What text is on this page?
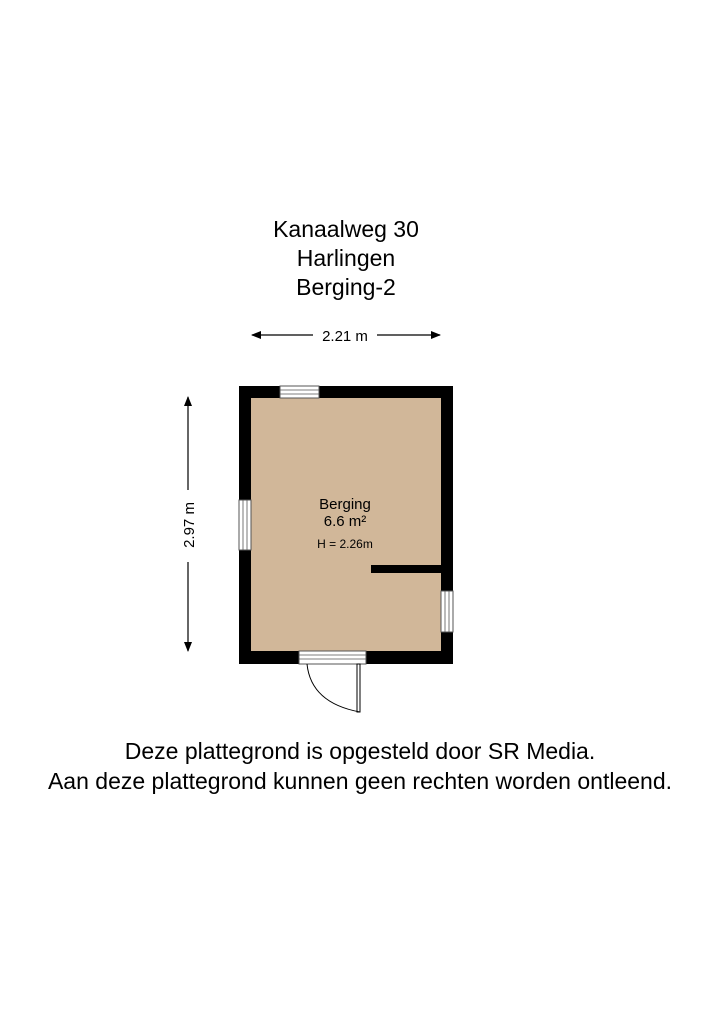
Kanaalweg 30
Harlingen
Berging-2
2.21 m
2.97 m	Berging
6.6 m²
H = 2.26m
Deze plattegrond is opgesteld door SR Media.
Aan deze plattegrond kunnen geen rechten worden ontleend.
